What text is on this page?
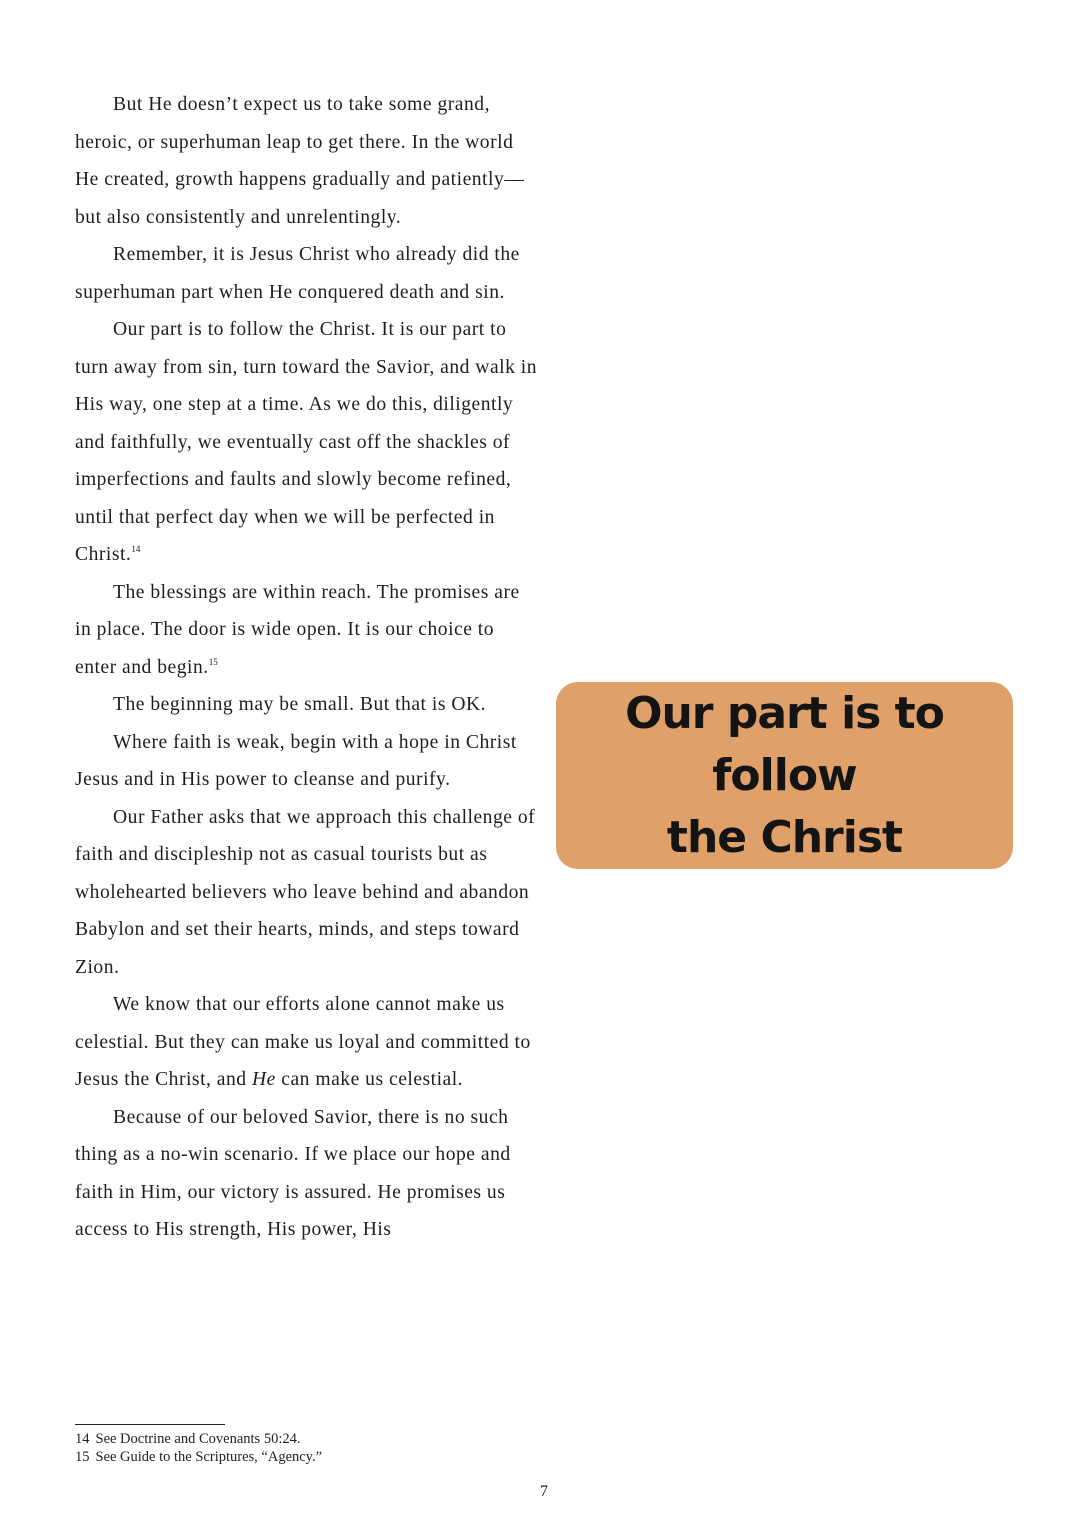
But He doesn’t expect us to take some grand, heroic, or superhuman leap to get there. In the world He created, growth happens gradually and patiently—but also consistently and unrelentingly.

Remember, it is Jesus Christ who already did the superhuman part when He conquered death and sin.

Our part is to follow the Christ. It is our part to turn away from sin, turn toward the Savior, and walk in His way, one step at a time. As we do this, diligently and faithfully, we eventually cast off the shackles of imperfections and faults and slowly become refined, until that perfect day when we will be perfected in Christ.$^{14}$

The blessings are within reach. The promises are in place. The door is wide open. It is our choice to enter and begin.$^{15}$

The beginning may be small. But that is OK.

Where faith is weak, begin with a hope in Christ Jesus and in His power to cleanse and purify.

Our Father asks that we approach this challenge of faith and discipleship not as casual tourists but as wholehearted believers who leave behind and abandon Babylon and set their hearts, minds, and steps toward Zion.

We know that our efforts alone cannot make us celestial. But they can make us loyal and committed to Jesus the Christ, and He can make us celestial.

Because of our beloved Savior, there is no such thing as a no-win scenario. If we place our hope and faith in Him, our victory is assured. He promises us access to His strength, His power, His

Our part is to follow
the Christ
14 See Doctrine and Covenants 50:24.
15 See Guide to the Scriptures, “Agency.”
7
